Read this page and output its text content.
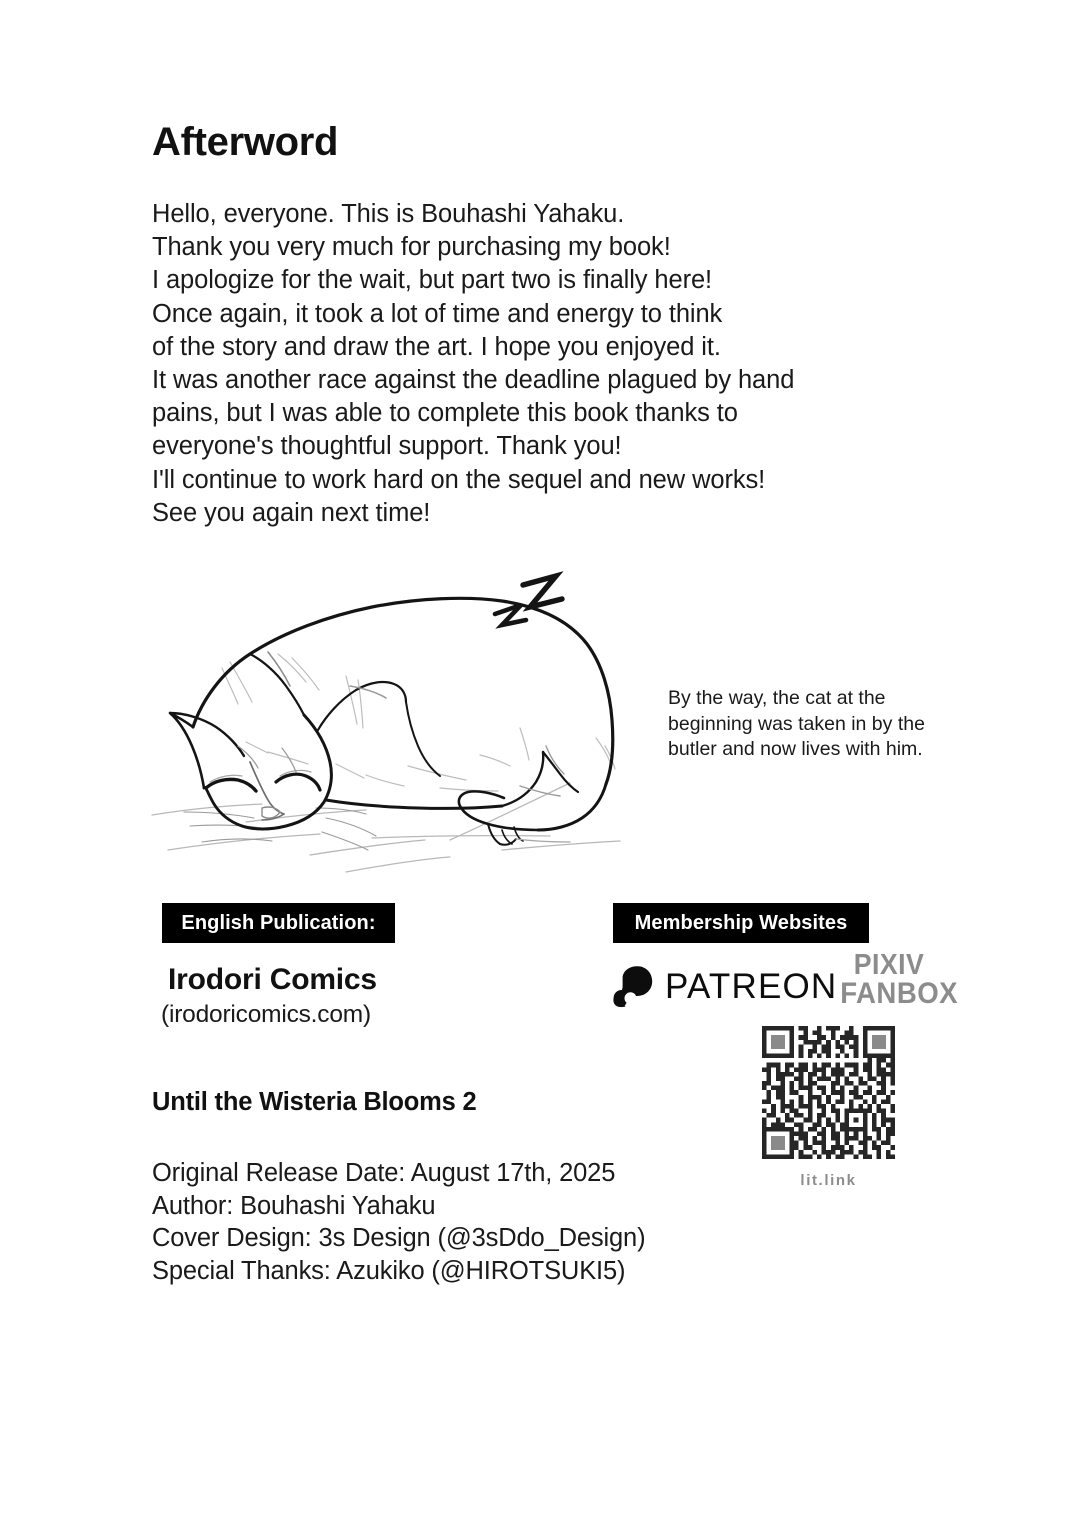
Afterword
Hello, everyone. This is Bouhashi Yahaku.
Thank you very much for purchasing my book!
I apologize for the wait, but part two is finally here!
Once again, it took a lot of time and energy to think
of the story and draw the art. I hope you enjoyed it.
It was another race against the deadline plagued by hand
pains, but I was able to complete this book thanks to
everyone's thoughtful support. Thank you!
I'll continue to work hard on the sequel and new works!
See you again next time!
By the way, the cat at the
beginning was taken in by the
butler and now lives with him.
English Publication:
Irodori Comics
(irodoricomics.com)
Membership Websites
PATREON
PIXIV
FANBOX
lit.link
Until the Wisteria Blooms 2
Original Release Date: August 17th, 2025
Author: Bouhashi Yahaku
Cover Design: 3s Design (@3sDdo_Design)
Special Thanks: Azukiko (@HIROTSUKI5)
